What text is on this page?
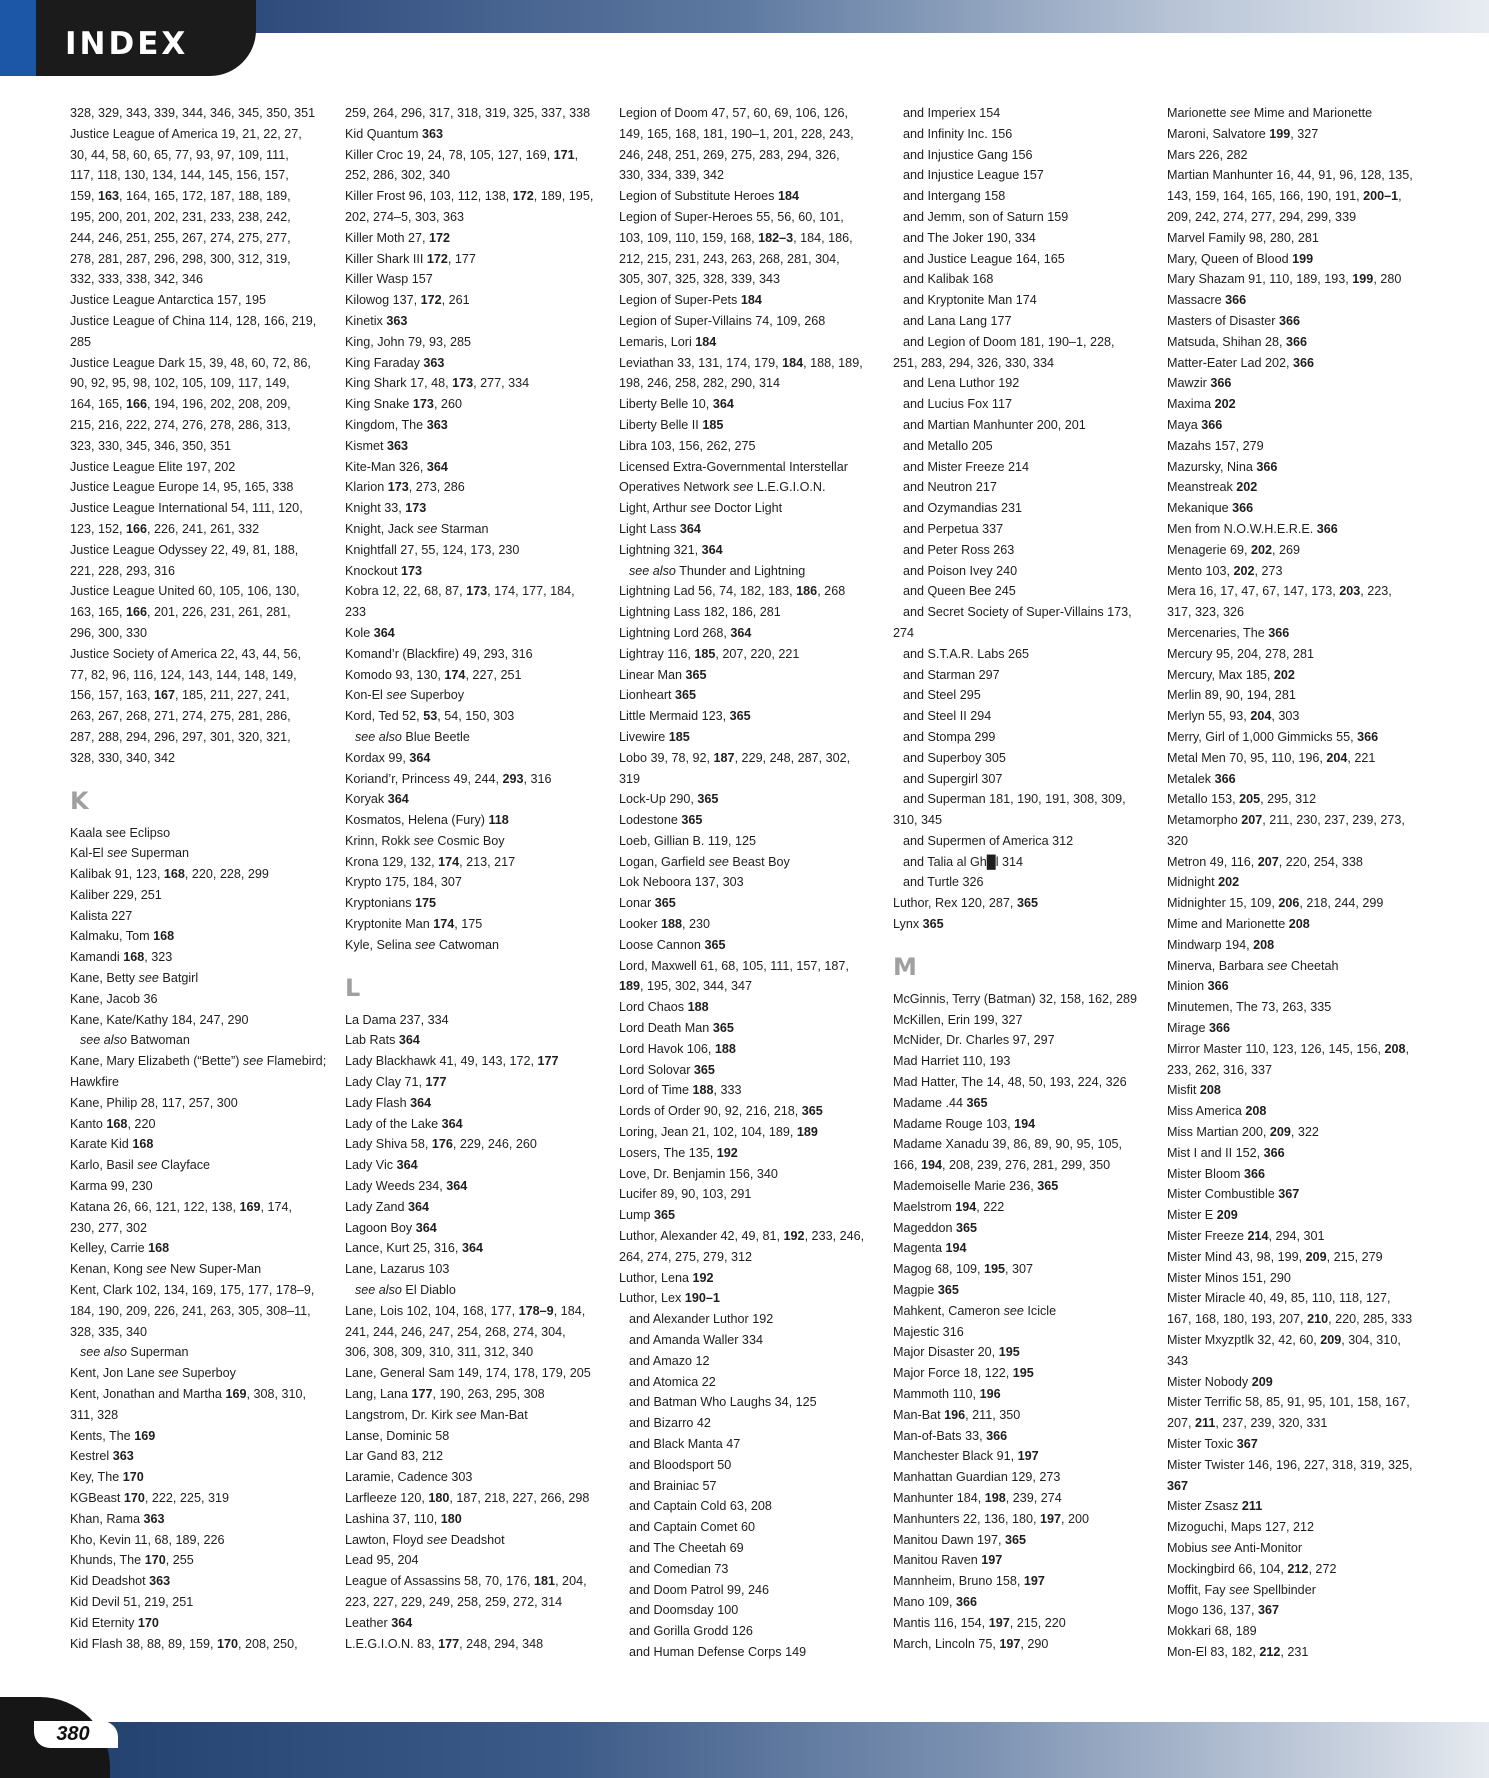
INDEX
328, 329, 343, 339, 344, 346, 345, 350, 351
Justice League of America 19, 21, 22, 27,
30, 44, 58, 60, 65, 77, 93, 97, 109, 111,
117, 118, 130, 134, 144, 145, 156, 157,
159, 163, 164, 165, 172, 187, 188, 189,
195, 200, 201, 202, 231, 233, 238, 242,
244, 246, 251, 255, 267, 274, 275, 277,
278, 281, 287, 296, 298, 300, 312, 319,
332, 333, 338, 342, 346
Justice League Antarctica 157, 195
Justice League of China 114, 128, 166, 219,
285
Justice League Dark 15, 39, 48, 60, 72, 86,
90, 92, 95, 98, 102, 105, 109, 117, 149,
164, 165, 166, 194, 196, 202, 208, 209,
215, 216, 222, 274, 276, 278, 286, 313,
323, 330, 345, 346, 350, 351
Justice League Elite 197, 202
Justice League Europe 14, 95, 165, 338
Justice League International 54, 111, 120,
123, 152, 166, 226, 241, 261, 332
Justice League Odyssey 22, 49, 81, 188,
221, 228, 293, 316
Justice League United 60, 105, 106, 130,
163, 165, 166, 201, 226, 231, 261, 281,
296, 300, 330
Justice Society of America 22, 43, 44, 56,
77, 82, 96, 116, 124, 143, 144, 148, 149,
156, 157, 163, 167, 185, 211, 227, 241,
263, 267, 268, 271, 274, 275, 281, 286,
287, 288, 294, 296, 297, 301, 320, 321,
328, 330, 340, 342
K
Kaala see Eclipso
Kal-El see Superman
Kalibak 91, 123, 168, 220, 228, 299
Kaliber 229, 251
Kalista 227
Kalmaku, Tom 168
Kamandi 168, 323
Kane, Betty see Batgirl
Kane, Jacob 36
Kane, Kate/Kathy 184, 247, 290
see also Batwoman
Kane, Mary Elizabeth (“Bette”) see Flamebird;
Hawkfire
Kane, Philip 28, 117, 257, 300
Kanto 168, 220
Karate Kid 168
Karlo, Basil see Clayface
Karma 99, 230
Katana 26, 66, 121, 122, 138, 169, 174,
230, 277, 302
Kelley, Carrie 168
Kenan, Kong see New Super-Man
Kent, Clark 102, 134, 169, 175, 177, 178–9,
184, 190, 209, 226, 241, 263, 305, 308–11,
328, 335, 340
see also Superman
Kent, Jon Lane see Superboy
Kent, Jonathan and Martha 169, 308, 310,
311, 328
Kents, The 169
Kestrel 363
Key, The 170
KGBeast 170, 222, 225, 319
Khan, Rama 363
Kho, Kevin 11, 68, 189, 226
Khunds, The 170, 255
Kid Deadshot 363
Kid Devil 51, 219, 251
Kid Eternity 170
Kid Flash 38, 88, 89, 159, 170, 208, 250,
259, 264, 296, 317, 318, 319, 325, 337, 338
Kid Quantum 363
Killer Croc 19, 24, 78, 105, 127, 169, 171,
252, 286, 302, 340
Killer Frost 96, 103, 112, 138, 172, 189, 195,
202, 274–5, 303, 363
Killer Moth 27, 172
Killer Shark III 172, 177
Killer Wasp 157
Kilowog 137, 172, 261
Kinetix 363
King, John 79, 93, 285
King Faraday 363
King Shark 17, 48, 173, 277, 334
King Snake 173, 260
Kingdom, The 363
Kismet 363
Kite-Man 326, 364
Klarion 173, 273, 286
Knight 33, 173
Knight, Jack see Starman
Knightfall 27, 55, 124, 173, 230
Knockout 173
Kobra 12, 22, 68, 87, 173, 174, 177, 184,
233
Kole 364
Komand’r (Blackfire) 49, 293, 316
Komodo 93, 130, 174, 227, 251
Kon-El see Superboy
Kord, Ted 52, 53, 54, 150, 303
see also Blue Beetle
Kordax 99, 364
Koriand’r, Princess 49, 244, 293, 316
Koryak 364
Kosmatos, Helena (Fury) 118
Krinn, Rokk see Cosmic Boy
Krona 129, 132, 174, 213, 217
Krypto 175, 184, 307
Kryptonians 175
Kryptonite Man 174, 175
Kyle, Selina see Catwoman
L
La Dama 237, 334
Lab Rats 364
Lady Blackhawk 41, 49, 143, 172, 177
Lady Clay 71, 177
Lady Flash 364
Lady of the Lake 364
Lady Shiva 58, 176, 229, 246, 260
Lady Vic 364
Lady Weeds 234, 364
Lady Zand 364
Lagoon Boy 364
Lance, Kurt 25, 316, 364
Lane, Lazarus 103
see also El Diablo
Lane, Lois 102, 104, 168, 177, 178–9, 184,
241, 244, 246, 247, 254, 268, 274, 304,
306, 308, 309, 310, 311, 312, 340
Lane, General Sam 149, 174, 178, 179, 205
Lang, Lana 177, 190, 263, 295, 308
Langstrom, Dr. Kirk see Man-Bat
Lanse, Dominic 58
Lar Gand 83, 212
Laramie, Cadence 303
Larfleeze 120, 180, 187, 218, 227, 266, 298
Lashina 37, 110, 180
Lawton, Floyd see Deadshot
Lead 95, 204
League of Assassins 58, 70, 176, 181, 204,
223, 227, 229, 249, 258, 259, 272, 314
Leather 364
L.E.G.I.O.N. 83, 177, 248, 294, 348
Legion of Doom 47, 57, 60, 69, 106, 126,
149, 165, 168, 181, 190–1, 201, 228, 243,
246, 248, 251, 269, 275, 283, 294, 326,
330, 334, 339, 342
Legion of Substitute Heroes 184
Legion of Super-Heroes 55, 56, 60, 101,
103, 109, 110, 159, 168, 182–3, 184, 186,
212, 215, 231, 243, 263, 268, 281, 304,
305, 307, 325, 328, 339, 343
Legion of Super-Pets 184
Legion of Super-Villains 74, 109, 268
Lemaris, Lori 184
Leviathan 33, 131, 174, 179, 184, 188, 189,
198, 246, 258, 282, 290, 314
Liberty Belle 10, 364
Liberty Belle II 185
Libra 103, 156, 262, 275
Licensed Extra-Governmental Interstellar
Operatives Network see L.E.G.I.O.N.
Light, Arthur see Doctor Light
Light Lass 364
Lightning 321, 364
see also Thunder and Lightning
Lightning Lad 56, 74, 182, 183, 186, 268
Lightning Lass 182, 186, 281
Lightning Lord 268, 364
Lightray 116, 185, 207, 220, 221
Linear Man 365
Lionheart 365
Little Mermaid 123, 365
Livewire 185
Lobo 39, 78, 92, 187, 229, 248, 287, 302,
319
Lock-Up 290, 365
Lodestone 365
Loeb, Gillian B. 119, 125
Logan, Garfield see Beast Boy
Lok Neboora 137, 303
Lonar 365
Looker 188, 230
Loose Cannon 365
Lord, Maxwell 61, 68, 105, 111, 157, 187,
189, 195, 302, 344, 347
Lord Chaos 188
Lord Death Man 365
Lord Havok 106, 188
Lord Solovar 365
Lord of Time 188, 333
Lords of Order 90, 92, 216, 218, 365
Loring, Jean 21, 102, 104, 189, 189
Losers, The 135, 192
Love, Dr. Benjamin 156, 340
Lucifer 89, 90, 103, 291
Lump 365
Luthor, Alexander 42, 49, 81, 192, 233, 246,
264, 274, 275, 279, 312
Luthor, Lena 192
Luthor, Lex 190–1
and Alexander Luthor 192
and Amanda Waller 334
and Amazo 12
and Atomica 22
and Batman Who Laughs 34, 125
and Bizarro 42
and Black Manta 47
and Bloodsport 50
and Brainiac 57
and Captain Cold 63, 208
and Captain Comet 60
and The Cheetah 69
and Comedian 73
and Doom Patrol 99, 246
and Doomsday 100
and Gorilla Grodd 126
and Human Defense Corps 149
and Imperiex 154
and Infinity Inc. 156
and Injustice Gang 156
and Injustice League 157
and Intergang 158
and Jemm, son of Saturn 159
and The Joker 190, 334
and Justice League 164, 165
and Kalibak 168
and Kryptonite Man 174
and Lana Lang 177
and Legion of Doom 181, 190–1, 228,
251, 283, 294, 326, 330, 334
and Lena Luthor 192
and Lucius Fox 117
and Martian Manhunter 200, 201
and Metallo 205
and Mister Freeze 214
and Neutron 217
and Ozymandias 231
and Perpetua 337
and Peter Ross 263
and Poison Ivey 240
and Queen Bee 245
and Secret Society of Super-Villains 173,
274
and S.T.A.R. Labs 265
and Starman 297
and Steel 295
and Steel II 294
and Stompa 299
and Superboy 305
and Supergirl 307
and Superman 181, 190, 191, 308, 309,
310, 345
and Supermen of America 312
and Talia al Gh█l 314
and Turtle 326
Luthor, Rex 120, 287, 365
Lynx 365
M
McGinnis, Terry (Batman) 32, 158, 162, 289
McKillen, Erin 199, 327
McNider, Dr. Charles 97, 297
Mad Harriet 110, 193
Mad Hatter, The 14, 48, 50, 193, 224, 326
Madame .44 365
Madame Rouge 103, 194
Madame Xanadu 39, 86, 89, 90, 95, 105,
166, 194, 208, 239, 276, 281, 299, 350
Mademoiselle Marie 236, 365
Maelstrom 194, 222
Mageddon 365
Magenta 194
Magog 68, 109, 195, 307
Magpie 365
Mahkent, Cameron see Icicle
Majestic 316
Major Disaster 20, 195
Major Force 18, 122, 195
Mammoth 110, 196
Man-Bat 196, 211, 350
Man-of-Bats 33, 366
Manchester Black 91, 197
Manhattan Guardian 129, 273
Manhunter 184, 198, 239, 274
Manhunters 22, 136, 180, 197, 200
Manitou Dawn 197, 365
Manitou Raven 197
Mannheim, Bruno 158, 197
Mano 109, 366
Mantis 116, 154, 197, 215, 220
March, Lincoln 75, 197, 290
Marionette see Mime and Marionette
Maroni, Salvatore 199, 327
Mars 226, 282
Martian Manhunter 16, 44, 91, 96, 128, 135,
143, 159, 164, 165, 166, 190, 191, 200–1,
209, 242, 274, 277, 294, 299, 339
Marvel Family 98, 280, 281
Mary, Queen of Blood 199
Mary Shazam 91, 110, 189, 193, 199, 280
Massacre 366
Masters of Disaster 366
Matsuda, Shihan 28, 366
Matter-Eater Lad 202, 366
Mawzir 366
Maxima 202
Maya 366
Mazahs 157, 279
Mazursky, Nina 366
Meanstreak 202
Mekanique 366
Men from N.O.W.H.E.R.E. 366
Menagerie 69, 202, 269
Mento 103, 202, 273
Mera 16, 17, 47, 67, 147, 173, 203, 223,
317, 323, 326
Mercenaries, The 366
Mercury 95, 204, 278, 281
Mercury, Max 185, 202
Merlin 89, 90, 194, 281
Merlyn 55, 93, 204, 303
Merry, Girl of 1,000 Gimmicks 55, 366
Metal Men 70, 95, 110, 196, 204, 221
Metalek 366
Metallo 153, 205, 295, 312
Metamorpho 207, 211, 230, 237, 239, 273,
320
Metron 49, 116, 207, 220, 254, 338
Midnight 202
Midnighter 15, 109, 206, 218, 244, 299
Mime and Marionette 208
Mindwarp 194, 208
Minerva, Barbara see Cheetah
Minion 366
Minutemen, The 73, 263, 335
Mirage 366
Mirror Master 110, 123, 126, 145, 156, 208,
233, 262, 316, 337
Misfit 208
Miss America 208
Miss Martian 200, 209, 322
Mist I and II 152, 366
Mister Bloom 366
Mister Combustible 367
Mister E 209
Mister Freeze 214, 294, 301
Mister Mind 43, 98, 199, 209, 215, 279
Mister Minos 151, 290
Mister Miracle 40, 49, 85, 110, 118, 127,
167, 168, 180, 193, 207, 210, 220, 285, 333
Mister Mxyzptlk 32, 42, 60, 209, 304, 310,
343
Mister Nobody 209
Mister Terrific 58, 85, 91, 95, 101, 158, 167,
207, 211, 237, 239, 320, 331
Mister Toxic 367
Mister Twister 146, 196, 227, 318, 319, 325,
367
Mister Zsasz 211
Mizoguchi, Maps 127, 212
Mobius see Anti-Monitor
Mockingbird 66, 104, 212, 272
Moffit, Fay see Spellbinder
Mogo 136, 137, 367
Mokkari 68, 189
Mon-El 83, 182, 212, 231
380
